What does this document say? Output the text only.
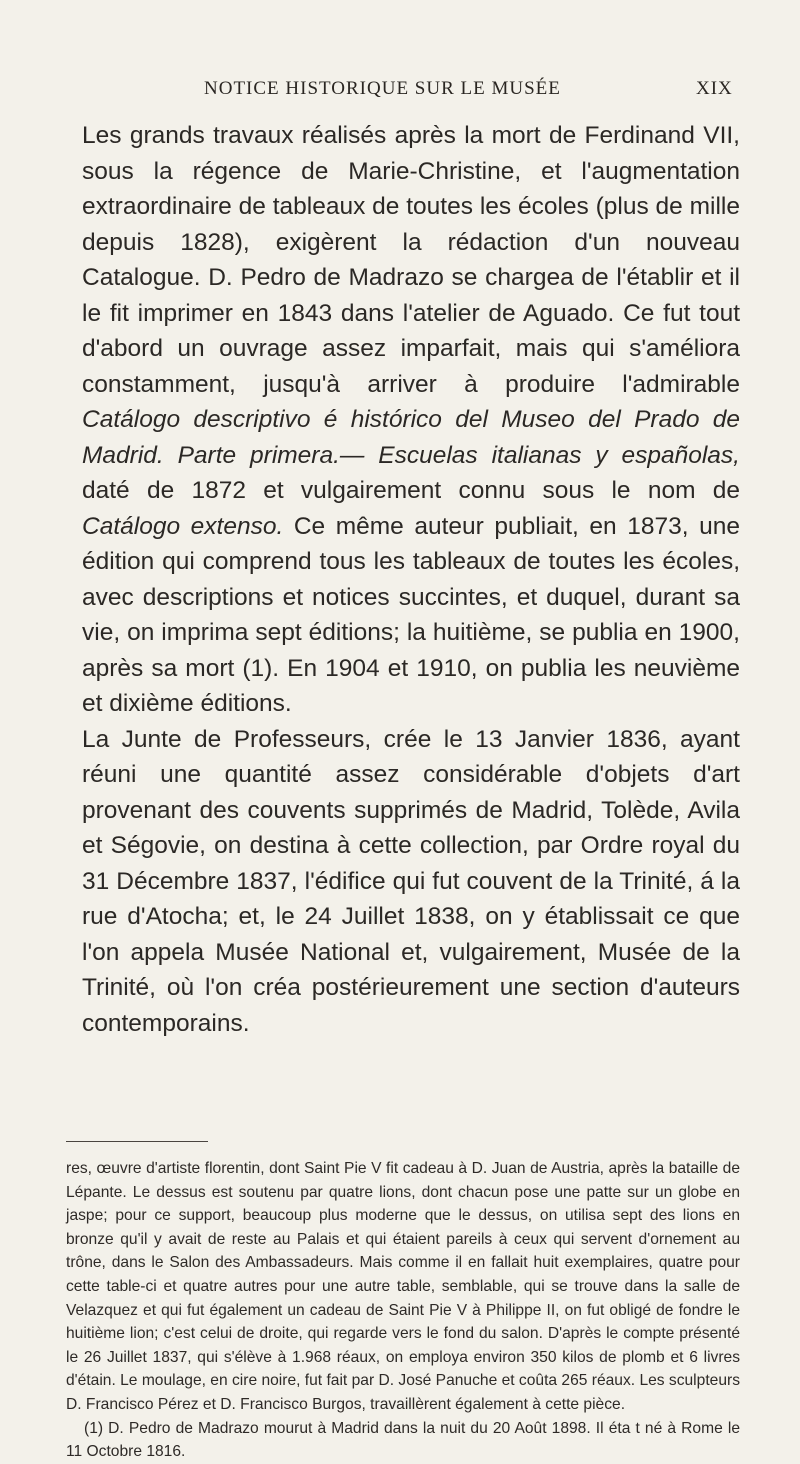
NOTICE HISTORIQUE SUR LE MUSÉE	XIX

Les grands travaux réalisés après la mort de Ferdinand VII, sous la régence de Marie-Christine, et l'augmentation extraordinaire de tableaux de toutes les écoles (plus de mille depuis 1828), exigèrent la rédaction d'un nouveau Catalogue. D. Pedro de Madrazo se chargea de l'établir et il le fit imprimer en 1843 dans l'atelier de Aguado. Ce fut tout d'abord un ouvrage assez imparfait, mais qui s'améliora constamment, jusqu'à arriver à produire l'admirable Catálogo descriptivo é histórico del Museo del Prado de Madrid. Parte primera.— Escuelas italianas y españolas, daté de 1872 et vulgairement connu sous le nom de Catálogo extenso. Ce même auteur publiait, en 1873, une édition qui comprend tous les tableaux de toutes les écoles, avec descriptions et notices succintes, et duquel, durant sa vie, on imprima sept éditions; la huitième, se publia en 1900, après sa mort (1). En 1904 et 1910, on publia les neuvième et dixième éditions.

La Junte de Professeurs, crée le 13 Janvier 1836, ayant réuni une quantité assez considérable d'objets d'art provenant des couvents supprimés de Madrid, Tolède, Avila et Ségovie, on destina à cette collection, par Ordre royal du 31 Décembre 1837, l'édifice qui fut couvent de la Trinité, á la rue d'Atocha; et, le 24 Juillet 1838, on y établissait ce que l'on appela Musée National et, vulgairement, Musée de la Trinité, où l'on créa postérieurement une section d'auteurs contemporains.

res, œuvre d'artiste florentin, dont Saint Pie V fit cadeau à D. Juan de Austria, après la bataille de Lépante. Le dessus est soutenu par quatre lions, dont chacun pose une patte sur un globe en jaspe; pour ce support, beaucoup plus moderne que le dessus, on utilisa sept des lions en bronze qu'il y avait de reste au Palais et qui étaient pareils à ceux qui servent d'ornement au trône, dans le Salon des Ambassadeurs. Mais comme il en fallait huit exemplaires, quatre pour cette table-ci et quatre autres pour une autre table, semblable, qui se trouve dans la salle de Velazquez et qui fut également un cadeau de Saint Pie V à Philippe II, on fut obligé de fondre le huitième lion; c'est celui de droite, qui regarde vers le fond du salon. D'après le compte présenté le 26 Juillet 1837, qui s'élève à 1.968 réaux, on employa environ 350 kilos de plomb et 6 livres d'étain. Le moulage, en cire noire, fut fait par D. José Panuche et coûta 265 réaux. Les sculpteurs D. Francisco Pérez et D. Francisco Burgos, travaillèrent également à cette pièce.

(1) D. Pedro de Madrazo mourut à Madrid dans la nuit du 20 Août 1898. Il éta t né à Rome le 11 Octobre 1816.
